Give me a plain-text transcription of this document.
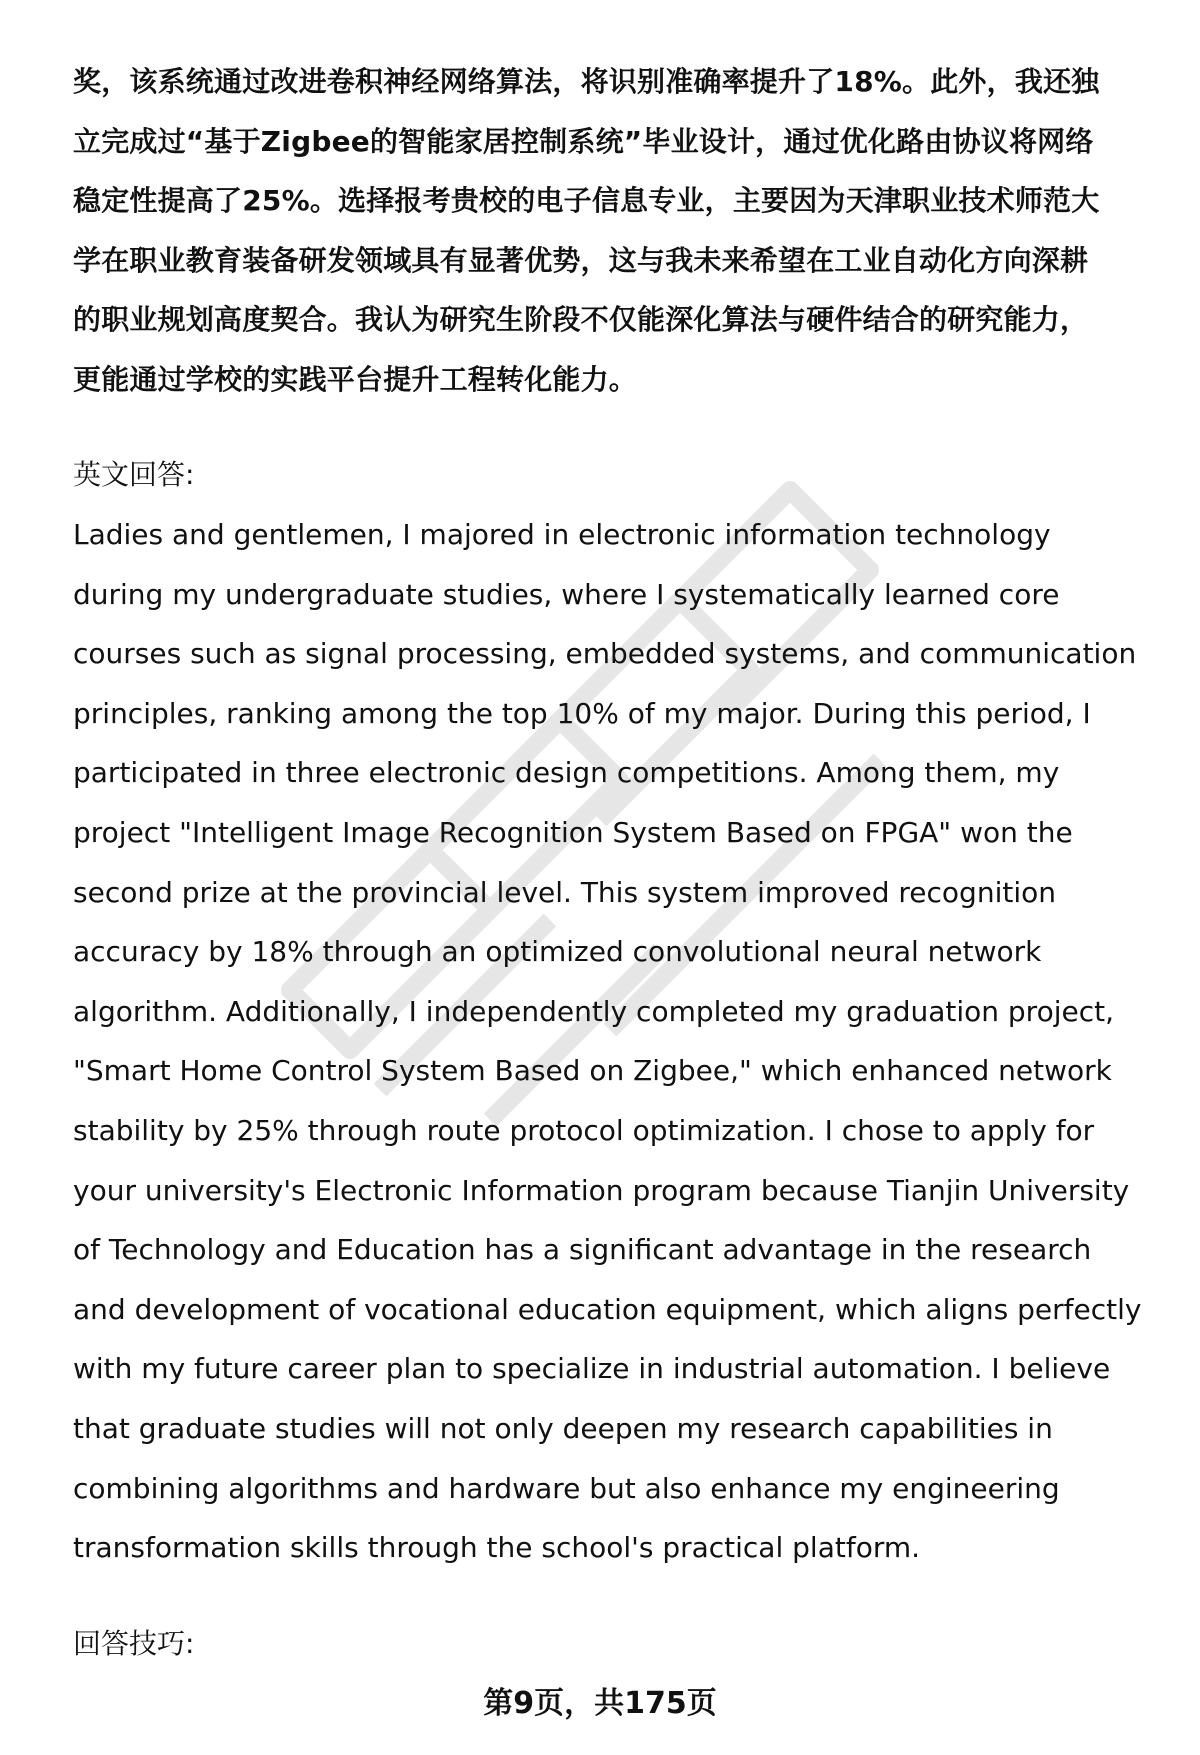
奖，该系统通过改进卷积神经网络算法，将识别准确率提升了18%。此外，我还独
立完成过“基于Zigbee的智能家居控制系统”毕业设计，通过优化路由协议将网络
稳定性提高了25%。选择报考贵校的电子信息专业，主要因为天津职业技术师范大
学在职业教育装备研发领域具有显著优势，这与我未来希望在工业自动化方向深耕
的职业规划高度契合。我认为研究生阶段不仅能深化算法与硬件结合的研究能力，
更能通过学校的实践平台提升工程转化能力。

英文回答:

Ladies and gentlemen, I majored in electronic information technology
during my undergraduate studies, where I systematically learned core
courses such as signal processing, embedded systems, and communication
principles, ranking among the top 10% of my major. During this period, I
participated in three electronic design competitions. Among them, my
project "Intelligent Image Recognition System Based on FPGA" won the
second prize at the provincial level. This system improved recognition
accuracy by 18% through an optimized convolutional neural network
algorithm. Additionally, I independently completed my graduation project,
"Smart Home Control System Based on Zigbee," which enhanced network
stability by 25% through route protocol optimization. I chose to apply for
your university's Electronic Information program because Tianjin University
of Technology and Education has a significant advantage in the research
and development of vocational education equipment, which aligns perfectly
with my future career plan to specialize in industrial automation. I believe
that graduate studies will not only deepen my research capabilities in
combining algorithms and hardware but also enhance my engineering
transformation skills through the school's practical platform.

回答技巧:

第9页，共175页
